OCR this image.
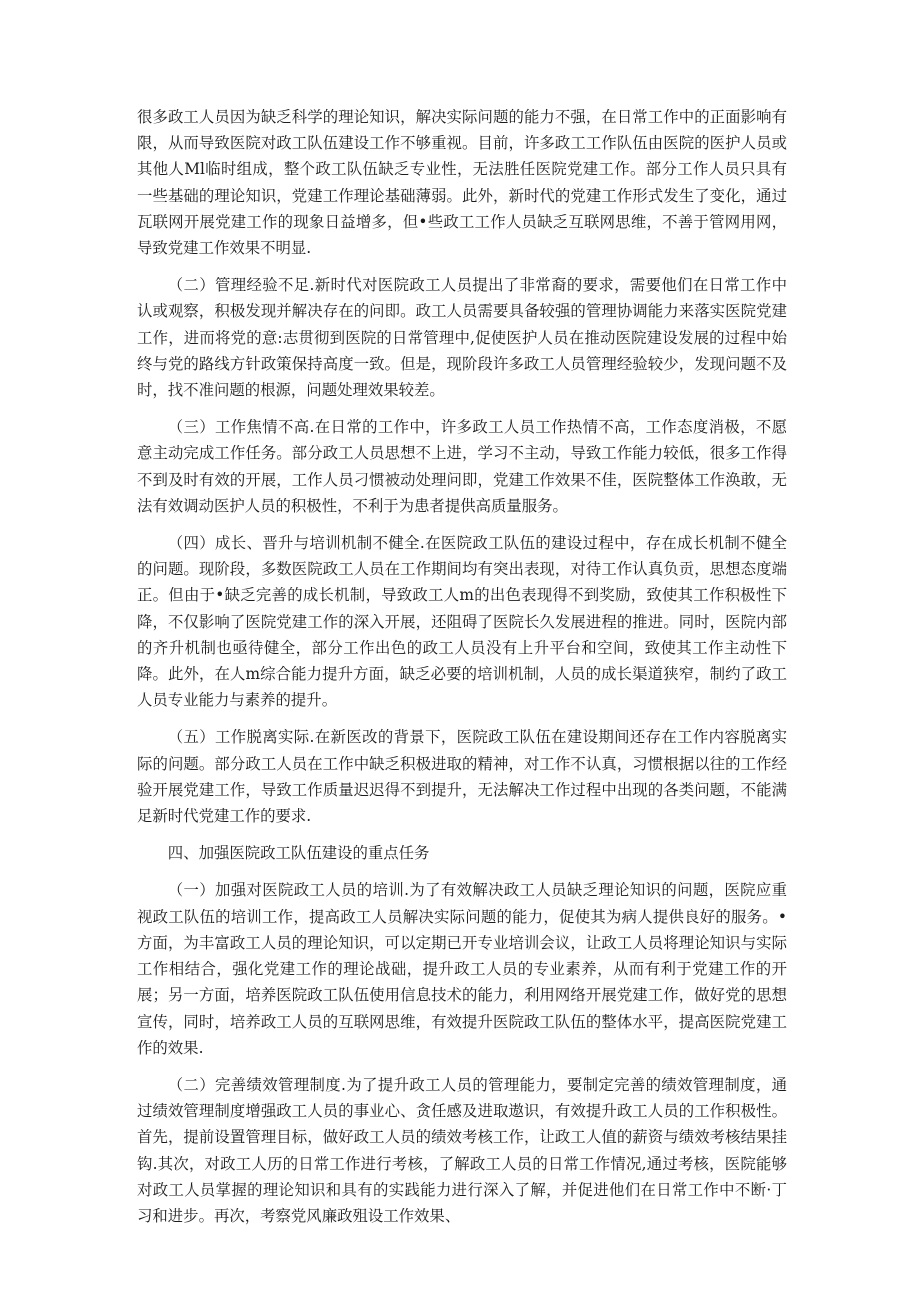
很多政工人员因为缺乏科学的理论知识，解决实际问题的能力不强，在日常工作中的正面影响有限，从而导致医院对政工队伍建设工作不够重视。目前，许多政工工作队伍由医院的医护人员或其他人Ml临时组成，整个政工队伍缺乏专业性，无法胜任医院党建工作。部分工作人员只具有一些基础的理论知识，党建工作理论基础薄弱。此外，新时代的党建工作形式发生了变化，通过瓦联网开展党建工作的现象日益增多，但•些政工工作人员缺乏互联网思维，不善于管网用网，导致党建工作效果不明显.

（二）管理经验不足.新时代对医院政工人员提出了非常裔的要求，需要他们在日常工作中认或观察，积极发现并解决存在的问即。政工人员需要具备较强的管理协调能力来落实医院党建工作，进而将党的意:志贯彻到医院的日常管理中,促使医护人员在推动医院建设发展的过程中始终与党的路线方针政策保持高度一致。但是，现阶段许多政工人员管理经验较少，发现问题不及时，找不准问题的根源，问题处理效果较差。

（三）工作焦情不高.在日常的工作中，许多政工人员工作热情不高，工作态度消极，不愿意主动完成工作任务。部分政工人员思想不上进，学习不主动，导致工作能力较低，很多工作得不到及时有效的开展，工作人员刁惯被动处理问即，党建工作效果不佳，医院整体工作涣敢，无法有效调动医护人员的积极性，不利于为患者提供高质量服务。

（四）成长、晋升与培训机制不健全.在医院政工队伍的建设过程中，存在成长机制不健全的问题。现阶段，多数医院政工人员在工作期间均有突出表现，对待工作认真负贡，思想态度端正。但由于•缺乏完善的成长机制，导致政工人m的出色表现得不到奖励，致使其工作积极性下降，不仅影响了医院党建工作的深入开展，还阻碍了医院长久发展进程的推进。同时，医院内部的齐升机制也亟待健全，部分工作出色的政工人员没有上升平台和空间，致使其工作主动性下降。此外，在人m综合能力提升方面，缺乏必要的培训机制，人员的成长渠道狭窄，制约了政工人员专业能力与素养的提升。

（五）工作脱离实际.在新医改的背景下，医院政工队伍在建设期间还存在工作内容脱离实际的问题。部分政工人员在工作中缺乏积极进取的精神，对工作不认真，习惯根据以往的工作经验开展党建工作，导致工作质量迟迟得不到提升，无法解决工作过程中出现的各类问题，不能满足新时代党建工作的要求.

四、加强医院政工队伍建设的重点任务

（一）加强对医院政工人员的培训.为了有效解决政工人员缺乏理论知识的问题，医院应重视政工队伍的培训工作，提高政工人员解决实际问题的能力，促使其为病人提供良好的服务。•方面，为丰富政工人员的理论知识，可以定期已开专业培训会议，让政工人员将理论知识与实际工作相结合，强化党建工作的理论战础，提升政工人员的专业素养，从而有利于党建工作的开展；另一方面，培养医院政工队伍使用信息技术的能力，利用网络开展党建工作，做好党的思想宣传，同时，培养政工人员的互联网思维，有效提升医院政工队伍的整体水平，提高医院党建工作的效果.

（二）完善绩效管理制度.为了提升政工人员的管理能力，要制定完善的绩效管理制度，通过绩效管理制度增强政工人员的事业心、贪任感及进取遨识，有效提升政工人员的工作积极性。首先，提前设置管理目标，做好政工人员的绩效考核工作，让政工人值的薪资与绩效考核结果挂钩.其次，对政工人历的日常工作进行考核，了解政工人员的日常工作情况,通过考核，医院能够对政工人员掌握的理论知识和具有的实践能力进行深入了解，并促进他们在日常工作中不断·丁习和进步。再次，考察党风廉政殂设工作效果、
